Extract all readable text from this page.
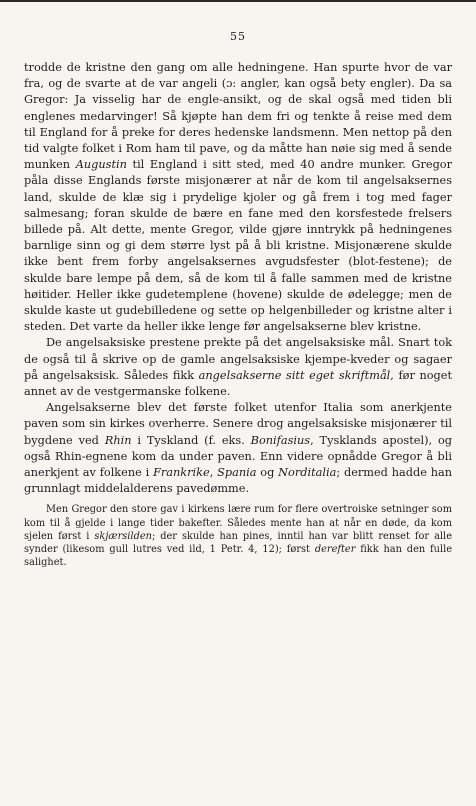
55

trodde de kristne den gang om alle hedningene. Han spurte hvor de var fra, og de svarte at de var angeli (ɔ: angler, kan også bety engler). Da sa Gregor: Ja visselig har de engle-ansikt, og de skal også med tiden bli englenes medarvinger! Så kjøpte han dem fri og tenkte å reise med dem til England for å preke for deres hedenske landsmenn. Men nettop på den tid valgte folket i Rom ham til pave, og da måtte han nøie sig med å sende munken Augustin til England i sitt sted, med 40 andre munker. Gregor påla disse Englands første misjonærer at når de kom til angelsaksernes land, skulde de klæ sig i prydelige kjoler og gå frem i tog med fager salmesang; foran skulde de bære en fane med den korsfestede frelsers billede på. Alt dette, mente Gregor, vilde gjøre inntrykk på hedningenes barnlige sinn og gi dem større lyst på å bli kristne. Misjonærene skulde ikke bent frem forby angelsaksernes avgudsfester (blot-festene); de skulde bare lempe på dem, så de kom til å falle sammen med de kristne høitider. Heller ikke gudetemplene (hovene) skulde de ødelegge; men de skulde kaste ut gudebilledene og sette op helgenbilleder og kristne alter i steden. Det varte da heller ikke lenge før angelsakserne blev kristne.

De angelsaksiske prestene prekte på det angelsaksiske mål. Snart tok de også til å skrive op de gamle angelsaksiske kjempe-kveder og sagaer på angelsaksisk. Således fikk angelsakserne sitt eget skriftmål, før noget annet av de vestgermanske folkene.

Angelsakserne blev det første folket utenfor Italia som anerkjente paven som sin kirkes overherre. Senere drog angelsaksiske misjonærer til bygdene ved Rhin i Tyskland (f. eks. Bonifasius, Tysklands apostel), og også Rhin-egnene kom da under paven. Enn videre opnådde Gregor å bli anerkjent av folkene i Frankrike, Spania og Norditalia; dermed hadde han grunnlagt middelalderens pavedømme.

Men Gregor den store gav i kirkens lære rum for flere overtroiske setninger som kom til å gjelde i lange tider bakefter. Således mente han at når en døde, da kom sjelen først i skjærsilden; der skulde han pines, inntil han var blitt renset for alle synder (likesom gull lutres ved ild, 1 Petr. 4, 12); først derefter fikk han den fulle salighet.
